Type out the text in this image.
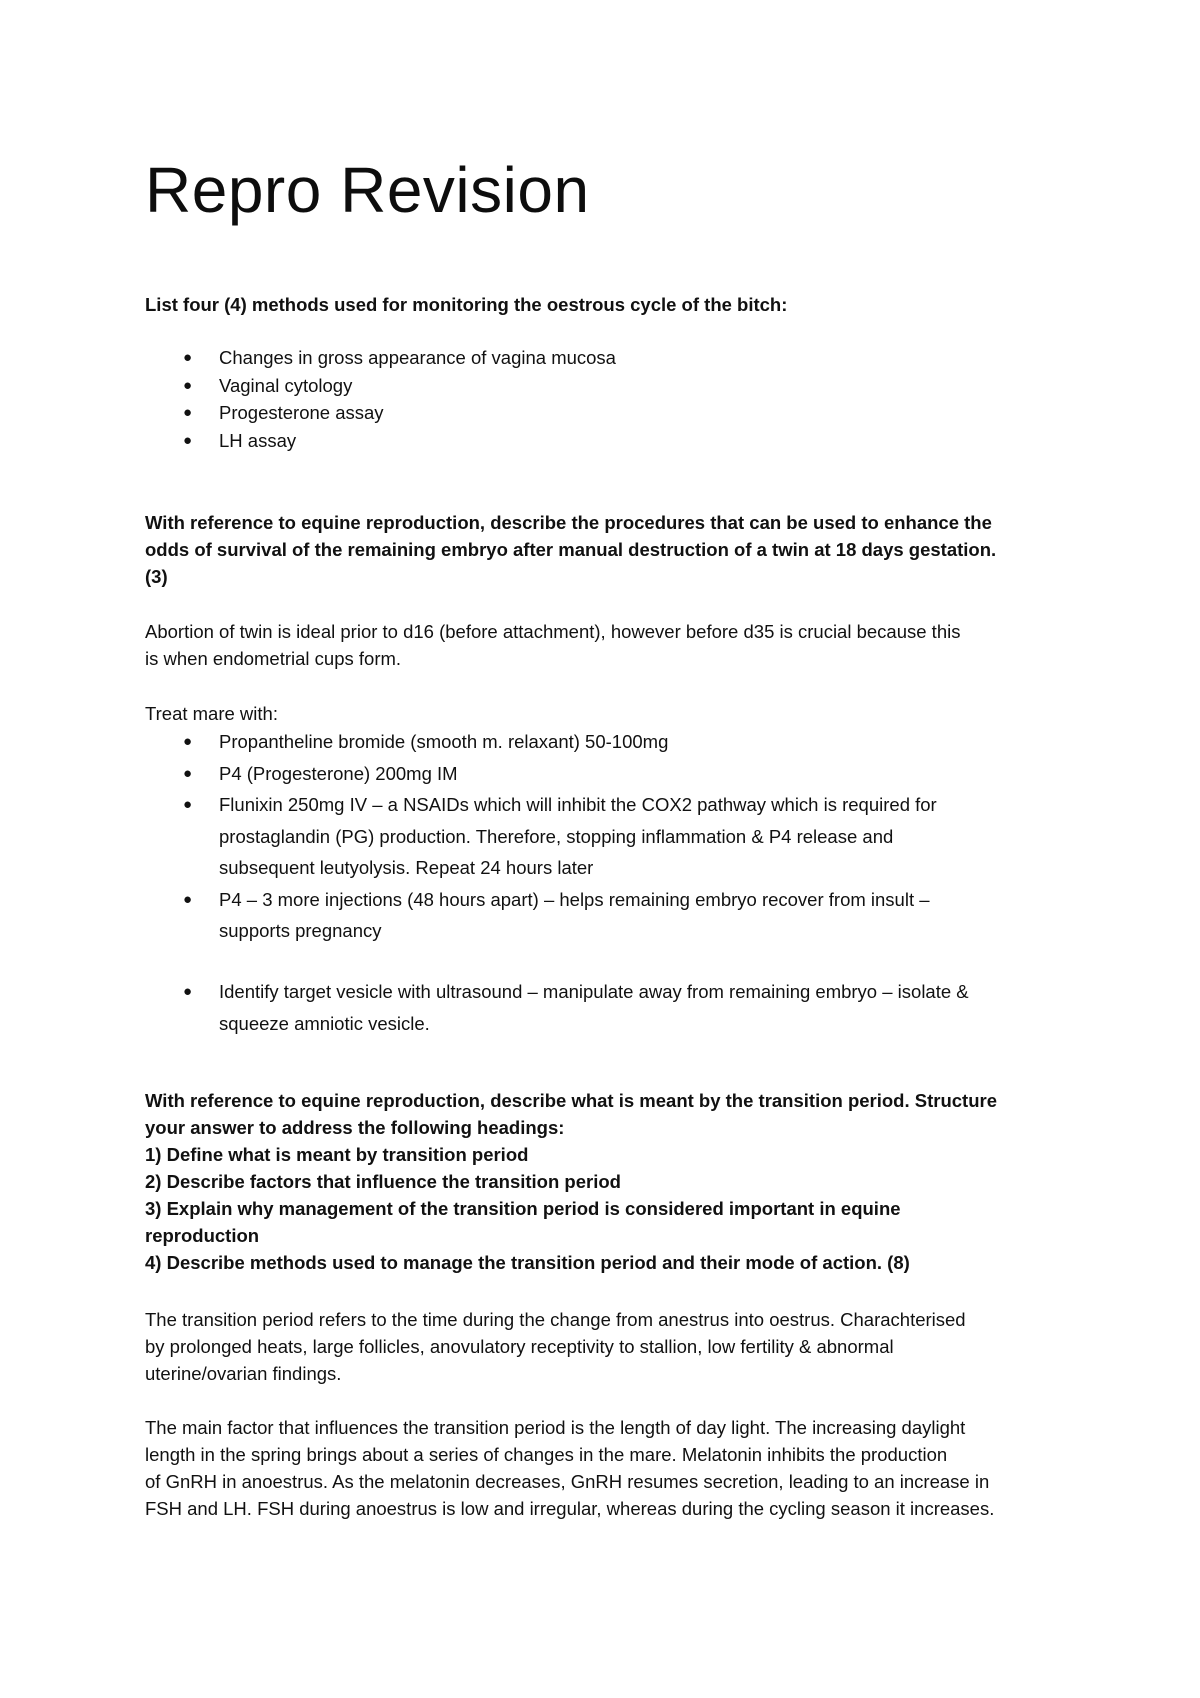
Repro Revision

List four (4) methods used for monitoring the oestrous cycle of the bitch:

● Changes in gross appearance of vagina mucosa
● Vaginal cytology
● Progesterone assay
● LH assay
With reference to equine reproduction, describe the procedures that can be used to enhance the
odds of survival of the remaining embryo after manual destruction of a twin at 18 days gestation.
(3)
Abortion of twin is ideal prior to d16 (before attachment), however before d35 is crucial because this
is when endometrial cups form.

Treat mare with:

● Propantheline bromide (smooth m. relaxant) 50-100mg
● P4 (Progesterone) 200mg IM
● Flunixin 250mg IV – a NSAIDs which will inhibit the COX2 pathway which is required for
prostaglandin (PG) production. Therefore, stopping inflammation & P4 release and
subsequent leutyolysis. Repeat 24 hours later
● P4 – 3 more injections (48 hours apart) – helps remaining embryo recover from insult –
supports pregnancy
● Identify target vesicle with ultrasound – manipulate away from remaining embryo – isolate &
squeeze amniotic vesicle.
With reference to equine reproduction, describe what is meant by the transition period. Structure
your answer to address the following headings:
1) Define what is meant by transition period
2) Describe factors that influence the transition period
3) Explain why management of the transition period is considered important in equine
reproduction
4) Describe methods used to manage the transition period and their mode of action. (8)
The transition period refers to the time during the change from anestrus into oestrus. Charachterised
by prolonged heats, large follicles, anovulatory receptivity to stallion, low fertility & abnormal
uterine/ovarian findings.
The main factor that influences the transition period is the length of day light. The increasing daylight
length in the spring brings about a series of changes in the mare. Melatonin inhibits the production
of GnRH in anoestrus. As the melatonin decreases, GnRH resumes secretion, leading to an increase in
FSH and LH. FSH during anoestrus is low and irregular, whereas during the cycling season it increases.
